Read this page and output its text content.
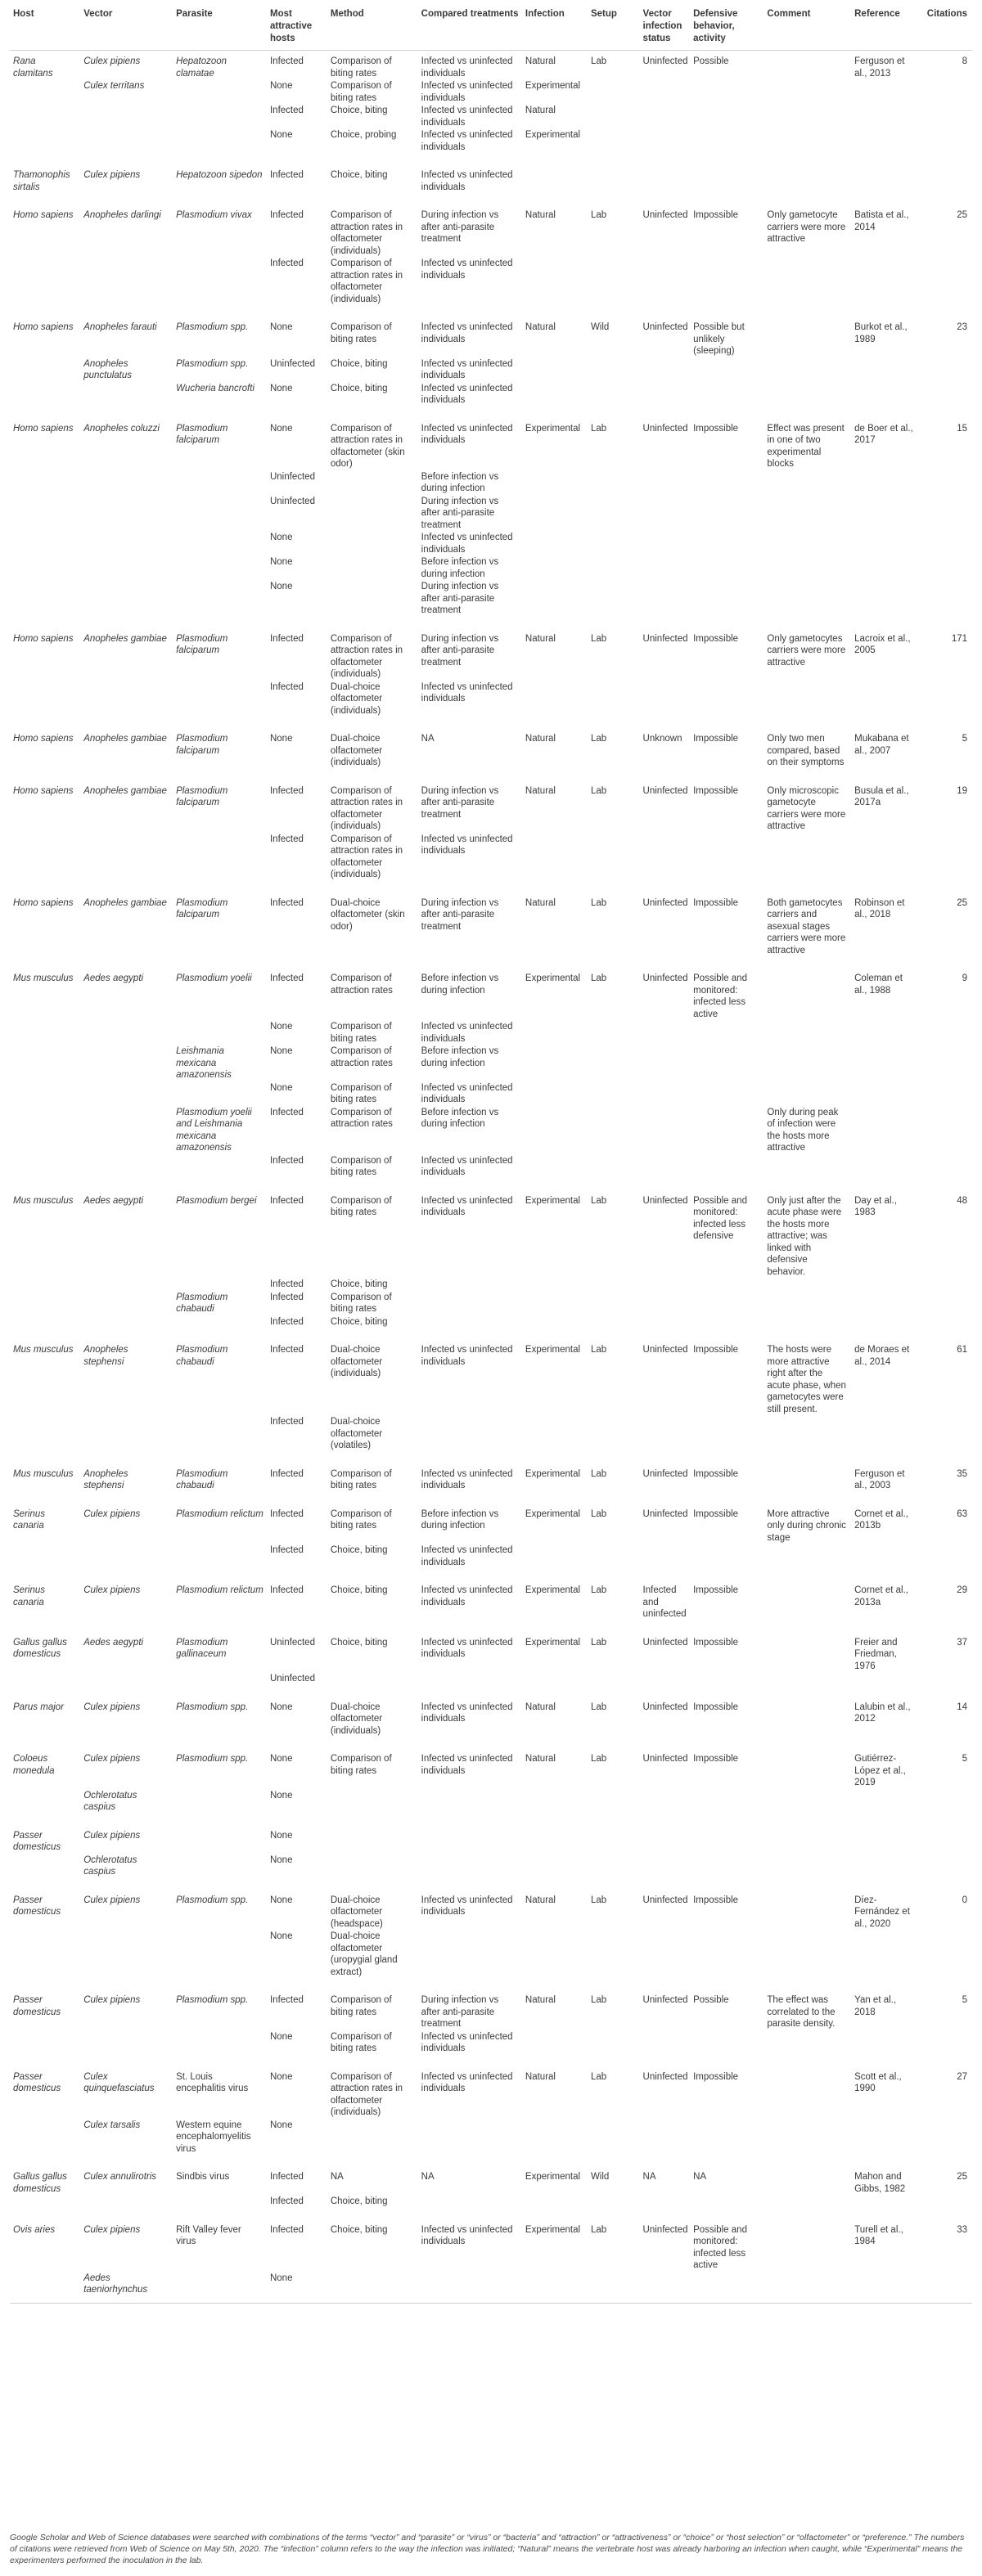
Host	Vector	Parasite	Most attractive hosts	Method	Compared treatments	Infection	Setup	Vector infection status	Defensive behavior, activity	Comment	Reference	Citations
Rana clamitans	Culex pipiens	Hepatozoon clamatae	Infected	Comparison of biting rates	Infected vs uninfected individuals	Natural	Lab	Uninfected	Possible		Ferguson et al., 2013	8
	Culex territans		None	Comparison of biting rates	Infected vs uninfected individuals	Experimental						
			Infected	Choice, biting	Infected vs uninfected individuals	Natural						
			None	Choice, probing	Infected vs uninfected individuals	Experimental						
Thamonophis sirtalis	Culex pipiens	Hepatozoon sipedon	Infected	Choice, biting	Infected vs uninfected individuals							
Homo sapiens	Anopheles darlingi	Plasmodium vivax	Infected	Comparison of attraction rates in olfactometer (individuals)	During infection vs after anti-parasite treatment	Natural	Lab	Uninfected	Impossible	Only gametocyte carriers were more attractive	Batista et al., 2014	25
			Infected	Comparison of attraction rates in olfactometer (individuals)	Infected vs uninfected individuals							
Homo sapiens	Anopheles farauti	Plasmodium spp.	None	Comparison of biting rates	Infected vs uninfected individuals	Natural	Wild	Uninfected	Possible but unlikely (sleeping)		Burkot et al., 1989	23
	Anopheles punctulatus	Plasmodium spp.	Uninfected	Choice, biting	Infected vs uninfected individuals							
		Wucheria bancrofti	None	Choice, biting	Infected vs uninfected individuals							
Homo sapiens	Anopheles coluzzi	Plasmodium falciparum	None	Comparison of attraction rates in olfactometer (skin odor)	Infected vs uninfected individuals	Experimental	Lab	Uninfected	Impossible	Effect was present in one of two experimental blocks	de Boer et al., 2017	15
			Uninfected		Before infection vs during infection							
			Uninfected		During infection vs after anti-parasite treatment							
			None		Infected vs uninfected individuals							
			None		Before infection vs during infection							
			None		During infection vs after anti-parasite treatment							
Homo sapiens	Anopheles gambiae	Plasmodium falciparum	Infected	Comparison of attraction rates in olfactometer (individuals)	During infection vs after anti-parasite treatment	Natural	Lab	Uninfected	Impossible	Only gametocytes carriers were more attractive	Lacroix et al., 2005	171
			Infected	Dual-choice olfactometer (individuals)	Infected vs uninfected individuals							
Homo sapiens	Anopheles gambiae	Plasmodium falciparum	None	Dual-choice olfactometer (individuals)	NA	Natural	Lab	Unknown	Impossible	Only two men compared, based on their symptoms	Mukabana et al., 2007	5
Homo sapiens	Anopheles gambiae	Plasmodium falciparum	Infected	Comparison of attraction rates in olfactometer (individuals)	During infection vs after anti-parasite treatment	Natural	Lab	Uninfected	Impossible	Only microscopic gametocyte carriers were more attractive	Busula et al., 2017a	19
			Infected	Comparison of attraction rates in olfactometer (individuals)	Infected vs uninfected individuals							
Homo sapiens	Anopheles gambiae	Plasmodium falciparum	Infected	Dual-choice olfactometer (skin odor)	During infection vs after anti-parasite treatment	Natural	Lab	Uninfected	Impossible	Both gametocytes carriers and asexual stages carriers were more attractive	Robinson et al., 2018	25
Mus musculus	Aedes aegypti	Plasmodium yoelii	Infected	Comparison of attraction rates	Before infection vs during infection	Experimental	Lab	Uninfected	Possible and monitored: infected less active		Coleman et al., 1988	9
			None	Comparison of biting rates	Infected vs uninfected individuals							
		Leishmania mexicana amazonensis	None	Comparison of attraction rates	Before infection vs during infection							
			None	Comparison of biting rates	Infected vs uninfected individuals							
		Plasmodium yoelii and Leishmania mexicana amazonensis	Infected	Comparison of attraction rates	Before infection vs during infection					Only during peak of infection were the hosts more attractive		
			Infected	Comparison of biting rates	Infected vs uninfected individuals							
Mus musculus	Aedes aegypti	Plasmodium bergei	Infected	Comparison of biting rates	Infected vs uninfected individuals	Experimental	Lab	Uninfected	Possible and monitored: infected less defensive	Only just after the acute phase were the hosts more attractive; was linked with defensive behavior.	Day et al., 1983	48
			Infected	Choice, biting								
		Plasmodium chabaudi	Infected	Comparison of biting rates								
			Infected	Choice, biting								
Mus musculus	Anopheles stephensi	Plasmodium chabaudi	Infected	Dual-choice olfactometer (individuals)	Infected vs uninfected individuals	Experimental	Lab	Uninfected	Impossible	The hosts were more attractive right after the acute phase, when gametocytes were still present.	de Moraes et al., 2014	61
			Infected	Dual-choice olfactometer (volatiles)								
Mus musculus	Anopheles stephensi	Plasmodium chabaudi	Infected	Comparison of biting rates	Infected vs uninfected individuals	Experimental	Lab	Uninfected	Impossible		Ferguson et al., 2003	35
Serinus canaria	Culex pipiens	Plasmodium relictum	Infected	Comparison of biting rates	Before infection vs during infection	Experimental	Lab	Uninfected	Impossible	More attractive only during chronic stage	Cornet et al., 2013b	63
			Infected	Choice, biting	Infected vs uninfected individuals							
Serinus canaria	Culex pipiens	Plasmodium relictum	Infected	Choice, biting	Infected vs uninfected individuals	Experimental	Lab	Infected and uninfected	Impossible		Cornet et al., 2013a	29
Gallus gallus domesticus	Aedes aegypti	Plasmodium gallinaceum	Uninfected	Choice, biting	Infected vs uninfected individuals	Experimental	Lab	Uninfected	Impossible		Freier and Friedman, 1976	37
			Uninfected									
Parus major	Culex pipiens	Plasmodium spp.	None	Dual-choice olfactometer (individuals)	Infected vs uninfected individuals	Natural	Lab	Uninfected	Impossible		Lalubin et al., 2012	14
Coloeus monedula	Culex pipiens	Plasmodium spp.	None	Comparison of biting rates	Infected vs uninfected individuals	Natural	Lab	Uninfected	Impossible		Gutiérrez-López et al., 2019	5
	Ochlerotatus caspius		None									
Passer domesticus	Culex pipiens		None									
	Ochlerotatus caspius		None									
Passer domesticus	Culex pipiens	Plasmodium spp.	None	Dual-choice olfactometer (headspace)	Infected vs uninfected individuals	Natural	Lab	Uninfected	Impossible		Díez-Fernández et al., 2020	0
			None	Dual-choice olfactometer (uropygial gland extract)								
Passer domesticus	Culex pipiens	Plasmodium spp.	Infected	Comparison of biting rates	During infection vs after anti-parasite treatment	Natural	Lab	Uninfected	Possible	The effect was correlated to the parasite density.	Yan et al., 2018	5
			None	Comparison of biting rates	Infected vs uninfected individuals							
Passer domesticus	Culex quinquefasciatus	St. Louis encephalitis virus	None	Comparison of attraction rates in olfactometer (individuals)	Infected vs uninfected individuals	Natural	Lab	Uninfected	Impossible		Scott et al., 1990	27
	Culex tarsalis	Western equine encephalomyelitis virus	None									
Gallus gallus domesticus	Culex annulirotris	Sindbis virus	Infected	NA	NA	Experimental	Wild	NA	NA		Mahon and Gibbs, 1982	25
			Infected	Choice, biting								
Ovis aries	Culex pipiens	Rift Valley fever virus	Infected	Choice, biting	Infected vs uninfected individuals	Experimental	Lab	Uninfected	Possible and monitored: infected less active		Turell et al., 1984	33
	Aedes taeniorhynchus		None									
Google Scholar and Web of Science databases were searched with combinations of the terms “vector” and “parasite” or “virus” or “bacteria” and “attraction” or “attractiveness” or “choice” or “host selection” or “olfactometer” or “preference.” The numbers of citations were retrieved from Web of Science on May 5th, 2020. The “infection” column refers to the way the infection was initiated; “Natural” means the vertebrate host was already harboring an infection when caught, while “Experimental” means the experimenters performed the inoculation in the lab.
